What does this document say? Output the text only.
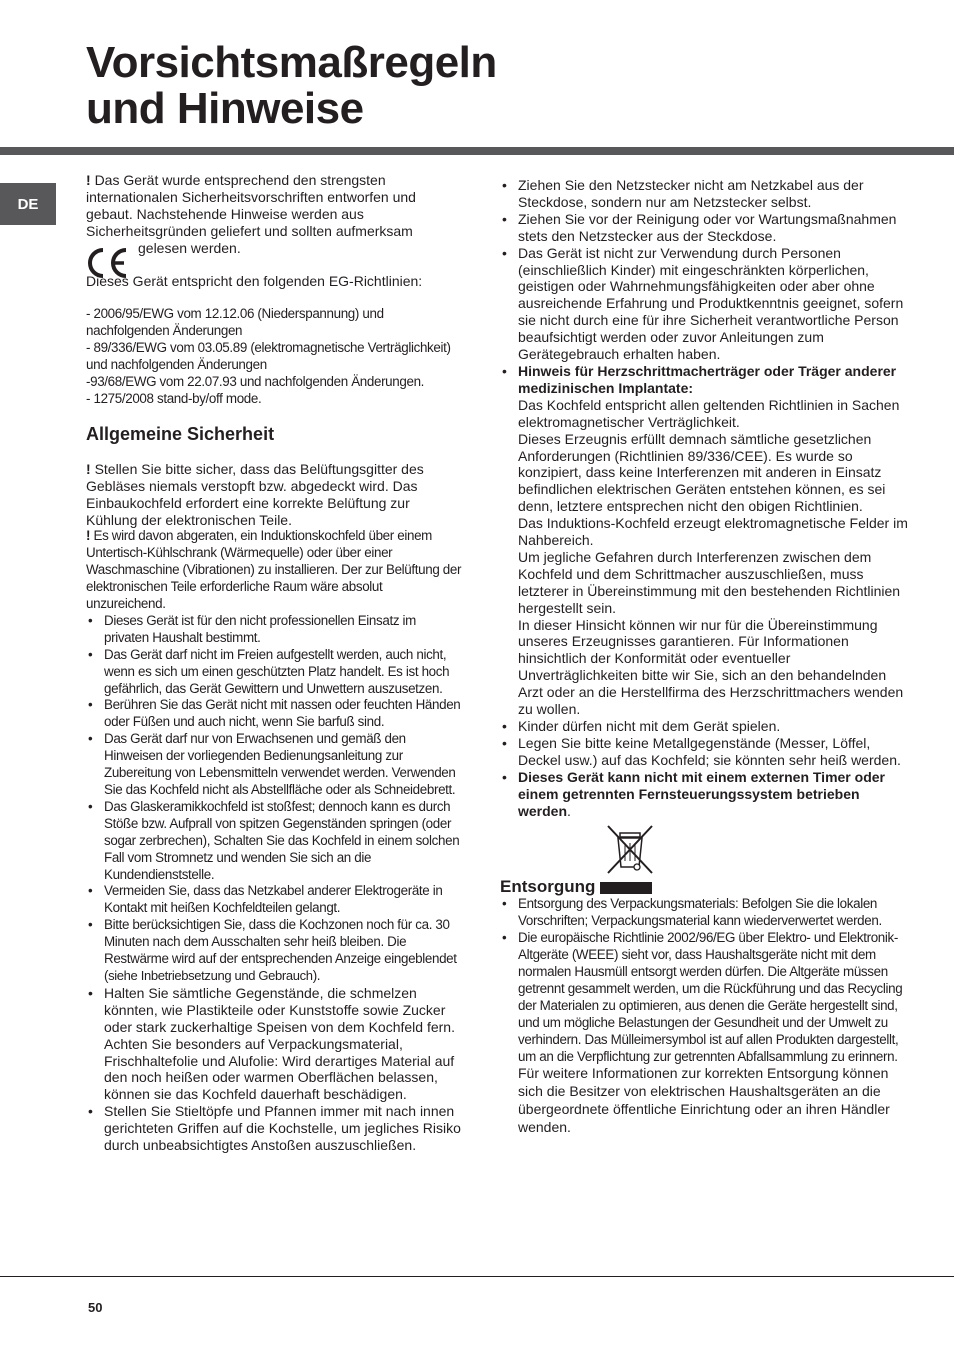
Vorsichtsmaßregeln
und Hinweise
DE

! Das Gerät wurde entsprechend den strengsten internationalen Sicherheitsvorschriften entworfen und gebaut. Nachstehende Hinweise werden aus Sicherheitsgründen geliefert und sollten aufmerksam

gelesen werden.

Dieses Gerät entspricht den folgenden EG-Richtlinien:

- 2006/95/EWG vom 12.12.06 (Niederspannung) und nachfolgenden Änderungen

- 89/336/EWG vom 03.05.89 (elektromagnetische Verträglichkeit) und nachfolgenden Änderungen

-93/68/EWG vom 22.07.93 und nachfolgenden Änderungen.

- 1275/2008 stand-by/off mode.

Allgemeine Sicherheit

! Stellen Sie bitte sicher, dass das Belüftungsgitter des Gebläses niemals verstopft bzw. abgedeckt wird. Das Einbaukochfeld erfordert eine korrekte Belüftung zur Kühlung der elektronischen Teile.

! Es wird davon abgeraten, ein Induktionskochfeld über einem Untertisch-Kühlschrank (Wärmequelle) oder über einer Waschmaschine (Vibrationen) zu installieren. Der zur Belüftung der elektronischen Teile erforderliche Raum wäre absolut unzureichend.

• Dieses Gerät ist für den nicht professionellen Einsatz im privaten Haushalt bestimmt.
• Das Gerät darf nicht im Freien aufgestellt werden, auch nicht, wenn es sich um einen geschützten Platz handelt. Es ist hoch gefährlich, das Gerät Gewittern und Unwettern auszusetzen.
• Berühren Sie das Gerät nicht mit nassen oder feuchten Händen oder Füßen und auch nicht, wenn Sie barfuß sind.
• Das Gerät darf nur von Erwachsenen und gemäß den Hinweisen der vorliegenden Bedienungsanleitung zur Zubereitung von Lebensmitteln verwendet werden. Verwenden Sie das Kochfeld nicht als Abstellfläche oder als Schneidebrett.
• Das Glaskeramikkochfeld ist stoßfest; dennoch kann es durch Stöße bzw. Aufprall von spitzen Gegenständen springen (oder sogar zerbrechen), Schalten Sie das Kochfeld in einem solchen Fall vom Stromnetz und wenden Sie sich an die Kundendienststelle.
• Vermeiden Sie, dass das Netzkabel anderer Elektrogeräte in Kontakt mit heißen Kochfeldteilen gelangt.
• Bitte berücksichtigen Sie, dass die Kochzonen noch für ca. 30 Minuten nach dem Ausschalten sehr heiß bleiben. Die Restwärme wird auf der entsprechenden Anzeige eingeblendet (siehe Inbetriebsetzung und Gebrauch).
• Halten Sie sämtliche Gegenstände, die schmelzen könnten, wie Plastikteile oder Kunststoffe sowie Zucker oder stark zuckerhaltige Speisen von dem Kochfeld fern. Achten Sie besonders auf Verpackungsmaterial, Frischhaltefolie und Alufolie: Wird derartiges Material auf den noch heißen oder warmen Oberflächen belassen, können sie das Kochfeld dauerhaft beschädigen.
• Stellen Sie Stieltöpfe und Pfannen immer mit nach innen gerichteten Griffen auf die Kochstelle, um jegliches Risiko durch unbeabsichtigtes Anstoßen auszuschließen.
• Ziehen Sie den Netzstecker nicht am Netzkabel aus der Steckdose, sondern nur am Netzstecker selbst.
• Ziehen Sie vor der Reinigung oder vor Wartungsmaßnahmen stets den Netzstecker aus der Steckdose.
• Das Gerät ist nicht zur Verwendung durch Personen (einschließlich Kinder) mit eingeschränkten körperlichen, geistigen oder Wahrnehmungsfähigkeiten oder aber ohne ausreichende Erfahrung und Produktkenntnis geeignet, sofern sie nicht durch eine für ihre Sicherheit verantwortliche Person beaufsichtigt werden oder zuvor Anleitungen zum Gerätegebrauch erhalten haben.
• Hinweis für Herzschrittmacherträger oder Träger anderer medizinischen Implantate:

Das Kochfeld entspricht allen geltenden Richtlinien in Sachen elektromagnetischer Verträglichkeit.

Dieses Erzeugnis erfüllt demnach sämtliche gesetzlichen Anforderungen (Richtlinien 89/336/CEE). Es wurde so konzipiert, dass keine Interferenzen mit anderen in Einsatz befindlichen elektrischen Geräten entstehen können, es sei denn, letztere entsprechen nicht den obigen Richtlinien.

Das Induktions-Kochfeld erzeugt elektromagnetische Felder im Nahbereich.

Um jegliche Gefahren durch Interferenzen zwischen dem Kochfeld und dem Schrittmacher auszuschließen, muss letzterer in Übereinstimmung mit den bestehenden Richtlinien hergestellt sein.

In dieser Hinsicht können wir nur für die Übereinstimmung unseres Erzeugnisses garantieren. Für Informationen hinsichtlich der Konformität oder eventueller Unverträglichkeiten bitte wir Sie, sich an den behandelnden Arzt oder an die Herstellfirma des Herzschrittmachers wenden zu wollen.

• Kinder dürfen nicht mit dem Gerät spielen.
• Legen Sie bitte keine Metallgegenstände (Messer, Löffel, Deckel usw.) auf das Kochfeld; sie könnten sehr heiß werden.
• Dieses Gerät kann nicht mit einem externen Timer oder einem getrennten Fernsteuerungssystem betrieben werden.
Entsorgung
• Entsorgung des Verpackungsmaterials: Befolgen Sie die lokalen Vorschriften; Verpackungsmaterial kann wiederverwertet werden.
• Die europäische Richtlinie 2002/96/EG über Elektro- und Elektronik-Altgeräte (WEEE) sieht vor, dass Haushaltsgeräte nicht mit dem normalen Hausmüll entsorgt werden dürfen. Die Altgeräte müssen getrennt gesammelt werden, um die Rückführung und das Recycling der Materialen zu optimieren, aus denen die Geräte hergestellt sind, und um mögliche Belastungen der Gesundheit und der Umwelt zu verhindern. Das Mülleimersymbol ist auf allen Produkten dargestellt, um an die Verpflichtung zur getrennten Abfallsammlung zu erinnern. Für weitere Informationen zur korrekten Entsorgung können sich die Besitzer von elektrischen Haushaltsgeräten an die übergeordnete öffentliche Einrichtung oder an ihren Händler wenden.
50
